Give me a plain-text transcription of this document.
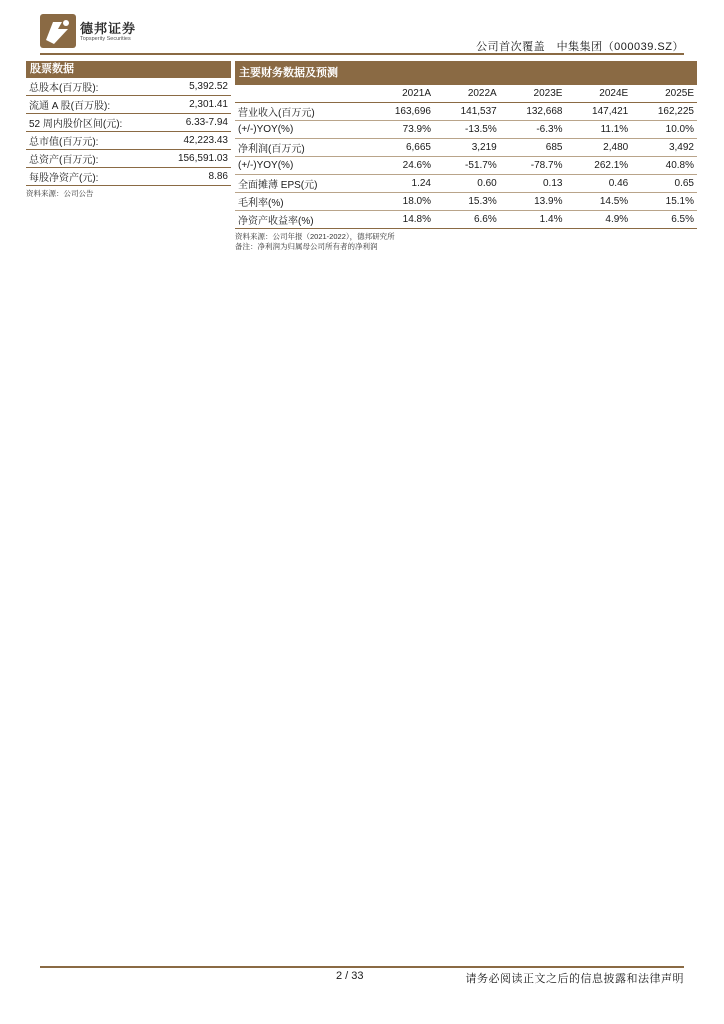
德邦证券
Topsperity Securities
公司首次覆盖　中集集团（000039.SZ）
股票数据
总股本(百万股):	5,392.52
流通 A 股(百万股):	2,301.41
52 周内股价区间(元):	6.33-7.94
总市值(百万元):	42,223.43
总资产(百万元):	156,591.03
每股净资产(元):	8.86
资料来源：公司公告
主要财务数据及预测
	2021A	2022A	2023E	2024E	2025E
营业收入(百万元)	163,696	141,537	132,668	147,421	162,225
(+/-)YOY(%)	73.9%	-13.5%	-6.3%	11.1%	10.0%
净利润(百万元)	6,665	3,219	685	2,480	3,492
(+/-)YOY(%)	24.6%	-51.7%	-78.7%	262.1%	40.8%
全面摊薄 EPS(元)	1.24	0.60	0.13	0.46	0.65
毛利率(%)	18.0%	15.3%	13.9%	14.5%	15.1%
净资产收益率(%)	14.8%	6.6%	1.4%	4.9%	6.5%
资料来源：公司年报（2021-2022），德邦研究所
备注：净利润为归属母公司所有者的净利润
2 / 33	请务必阅读正文之后的信息披露和法律声明
